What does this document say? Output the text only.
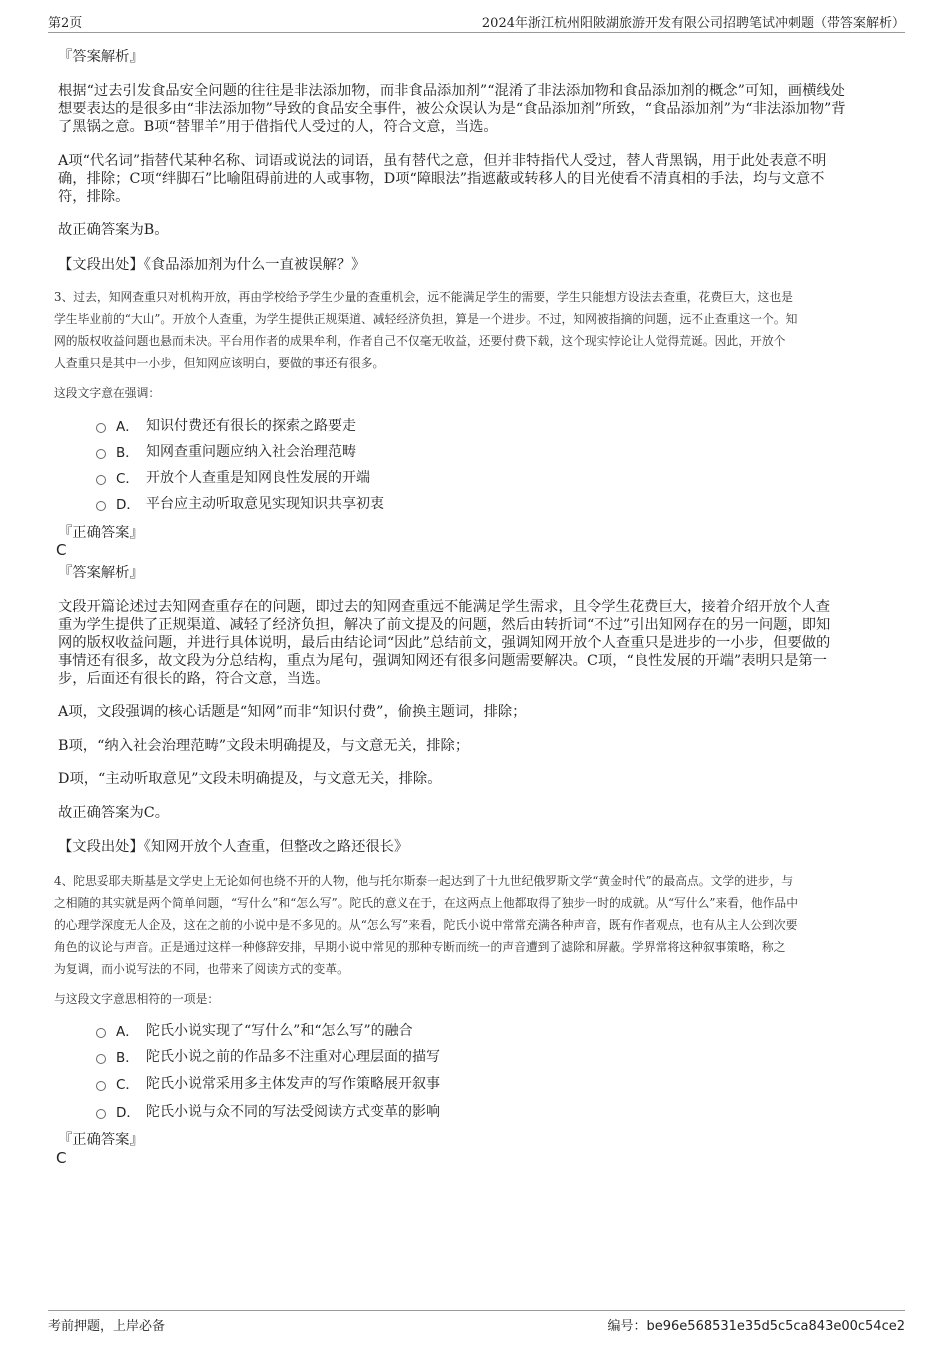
第2页	2024年浙江杭州阳陂湖旅游开发有限公司招聘笔试冲刺题（带答案解析）
『答案解析』
根据“过去引发食品安全问题的往往是非法添加物，而非食品添加剂”“混淆了非法添加物和食品添加剂的概念”可知，画横线处
想要表达的是很多由“非法添加物”导致的食品安全事件，被公众误认为是“食品添加剂”所致，“食品添加剂”为“非法添加物”背
了黑锅之意。B项“替罪羊”用于借指代人受过的人，符合文意，当选。
A项“代名词”指替代某种名称、词语或说法的词语，虽有替代之意，但并非特指代人受过，替人背黑锅，用于此处表意不明
确，排除；C项“绊脚石”比喻阻碍前进的人或事物，D项“障眼法”指遮蔽或转移人的目光使看不清真相的手法，均与文意不
符，排除。
故正确答案为B。
【文段出处】《食品添加剂为什么一直被误解？》
3、过去，知网查重只对机构开放，再由学校给予学生少量的查重机会，远不能满足学生的需要，学生只能想方设法去查重，花费巨大，这也是
学生毕业前的“大山”。开放个人查重，为学生提供正规渠道、减轻经济负担，算是一个进步。不过，知网被指摘的问题，远不止查重这一个。知
网的版权收益问题也悬而未决。平台用作者的成果牟利，作者自己不仅毫无收益，还要付费下载，这个现实悖论让人觉得荒诞。因此，开放个
人查重只是其中一小步，但知网应该明白，要做的事还有很多。
这段文字意在强调：
A． 知识付费还有很长的探索之路要走
B． 知网查重问题应纳入社会治理范畴
C． 开放个人查重是知网良性发展的开端
D． 平台应主动听取意见实现知识共享初衷
『正确答案』
C
『答案解析』
文段开篇论述过去知网查重存在的问题，即过去的知网查重远不能满足学生需求，且令学生花费巨大，接着介绍开放个人查
重为学生提供了正规渠道、减轻了经济负担，解决了前文提及的问题，然后由转折词“不过”引出知网存在的另一问题，即知
网的版权收益问题，并进行具体说明，最后由结论词“因此”总结前文，强调知网开放个人查重只是进步的一小步，但要做的
事情还有很多，故文段为分总结构，重点为尾句，强调知网还有很多问题需要解决。C项，“良性发展的开端”表明只是第一
步，后面还有很长的路，符合文意，当选。
A项，文段强调的核心话题是“知网”而非“知识付费”，偷换主题词，排除；
B项，“纳入社会治理范畴”文段未明确提及，与文意无关，排除；
D项，“主动听取意见”文段未明确提及，与文意无关，排除。
故正确答案为C。
【文段出处】《知网开放个人查重，但整改之路还很长》
4、陀思妥耶夫斯基是文学史上无论如何也绕不开的人物，他与托尔斯泰一起达到了十九世纪俄罗斯文学“黄金时代”的最高点。文学的进步，与
之相随的其实就是两个简单问题，“写什么”和“怎么写”。陀氏的意义在于，在这两点上他都取得了独步一时的成就。从“写什么”来看，他作品中
的心理学深度无人企及，这在之前的小说中是不多见的。从“怎么写”来看，陀氏小说中常常充满各种声音，既有作者观点，也有从主人公到次要
角色的议论与声音。正是通过这样一种修辞安排，早期小说中常见的那种专断而统一的声音遭到了滤除和屏蔽。学界常将这种叙事策略，称之
为复调，而小说写法的不同，也带来了阅读方式的变革。
与这段文字意思相符的一项是：
A． 陀氏小说实现了“写什么”和“怎么写”的融合
B． 陀氏小说之前的作品多不注重对心理层面的描写
C． 陀氏小说常采用多主体发声的写作策略展开叙事
D． 陀氏小说与众不同的写法受阅读方式变革的影响
『正确答案』
C
考前押题，上岸必备	编号：be96e568531e35d5c5ca843e00c54ce2
